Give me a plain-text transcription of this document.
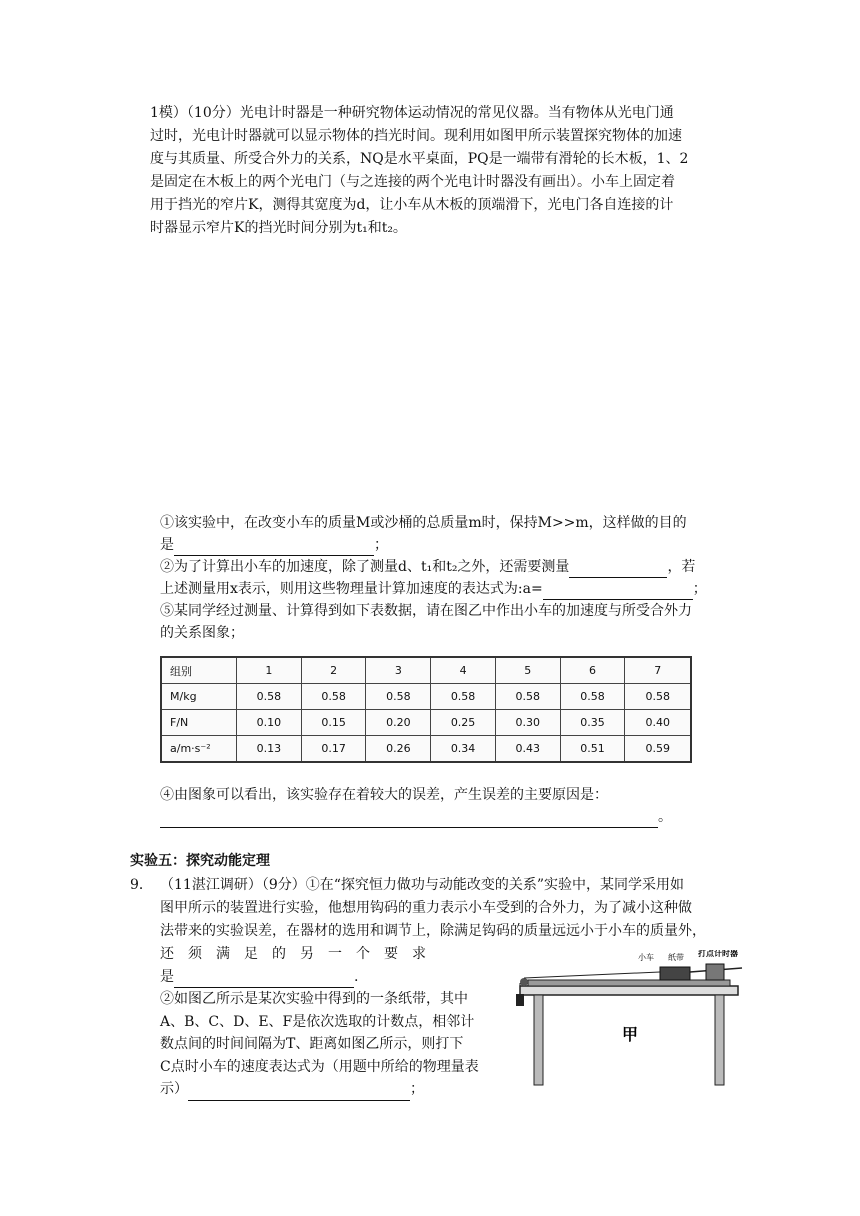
1模）（10分）光电计时器是一种研究物体运动情况的常见仪器。当有物体从光电门通
过时，光电计时器就可以显示物体的挡光时间。现利用如图甲所示装置探究物体的加速
度与其质量、所受合外力的关系，NQ是水平桌面，PQ是一端带有滑轮的长木板，1、2
是固定在木板上的两个光电门（与之连接的两个光电计时器没有画出）。小车上固定着
用于挡光的窄片K，测得其宽度为d，让小车从木板的顶端滑下，光电门各自连接的计
时器显示窄片K的挡光时间分别为t₁和t₂。
①该实验中，在改变小车的质量M或沙桶的总质量m时，保持M>>m，这样做的目的
是	；
②为了计算出小车的加速度，除了测量d、t₁和t₂之外，还需要测量	，若
上述测量用x表示，则用这些物理量计算加速度的表达式为:a=	；
⑤某同学经过测量、计算得到如下表数据，请在图乙中作出小车的加速度与所受合外力
的关系图象；
组别	1	2	3	4	5	6	7
M/kg	0.58	0.58	0.58	0.58	0.58	0.58	0.58
F/N	0.10	0.15	0.20	0.25	0.30	0.35	0.40
a/m·s⁻²	0.13	0.17	0.26	0.34	0.43	0.51	0.59
④由图象可以看出，该实验存在着较大的误差，产生误差的主要原因是：
。
实验五：探究动能定理
9． （11湛江调研）（9分）①在“探究恒力做功与动能改变的关系”实验中，某同学采用如
图甲所示的装置进行实验，他想用钩码的重力表示小车受到的合外力，为了减小这种做
法带来的实验误差，在器材的选用和调节上，除满足钩码的质量远远小于小车的质量外，
还　须　满　足　的　另　一　个　要　求
是	.
②如图乙所示是某次实验中得到的一条纸带，其中
A、B、C、D、E、F是依次选取的计数点，相邻计
数点间的时间间隔为T、距离如图乙所示，则打下
C点时小车的速度表达式为（用题中所给的物理量表
示）	；
小车 纸带 打点计时器
甲
